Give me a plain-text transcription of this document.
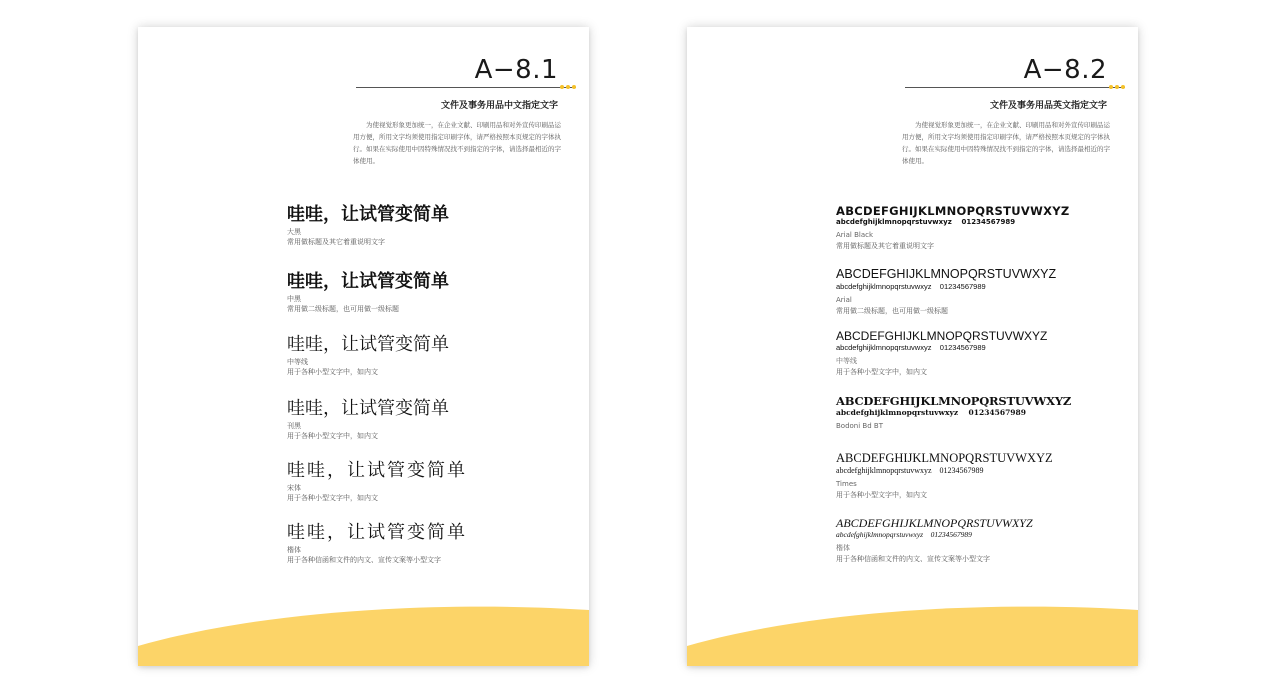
A−8.1
文件及事务用品中文指定文字
为使视觉形象更加统一，在企业文献、印刷用品和对外宣传印刷品运用方便，所用文字均须使用指定印刷字体，请严格按照本页规定的字体执行。如果在实际使用中因特殊情况找不到指定的字体，请选择最相近的字体使用。
哇哇，让试管变简单
大黑
常用做标题及其它着重说明文字
哇哇，让试管变简单
中黑
常用做二级标题，也可用做一级标题
哇哇，让试管变简单
中等线
用于各种小型文字中，如内文
哇哇，让试管变简单
刊黑
用于各种小型文字中，如内文
哇哇，让试管变简单
宋体
用于各种小型文字中，如内文
哇哇，让试管变简单
楷体
用于各种信函和文件的内文、宣传文案等小型文字
A−8.2
文件及事务用品英文指定文字
为使视觉形象更加统一，在企业文献、印刷用品和对外宣传印刷品运用方便，所用文字均须使用指定印刷字体，请严格按照本页规定的字体执行。如果在实际使用中因特殊情况找不到指定的字体，请选择最相近的字体使用。
ABCDEFGHIJKLMNOPQRSTUVWXYZ
abcdefghijklmnopqrstuvwxyz    01234567989
Arial Black
常用做标题及其它着重说明文字
ABCDEFGHIJKLMNOPQRSTUVWXYZ
abcdefghijklmnopqrstuvwxyz    01234567989
Arial
常用做二级标题，也可用做一级标题
ABCDEFGHIJKLMNOPQRSTUVWXYZ
abcdefghijklmnopqrstuvwxyz    01234567989
中等线
用于各种小型文字中，如内文
ABCDEFGHIJKLMNOPQRSTUVWXYZ
abcdefghijklmnopqrstuvwxyz    01234567989
Bodoni Bd BT
ABCDEFGHIJKLMNOPQRSTUVWXYZ
abcdefghijklmnopqrstuvwxyz    01234567989
Times
用于各种小型文字中，如内文
ABCDEFGHIJKLMNOPQRSTUVWXYZ
abcdefghijklmnopqrstuvwxyz    01234567989
楷体
用于各种信函和文件的内文、宣传文案等小型文字
